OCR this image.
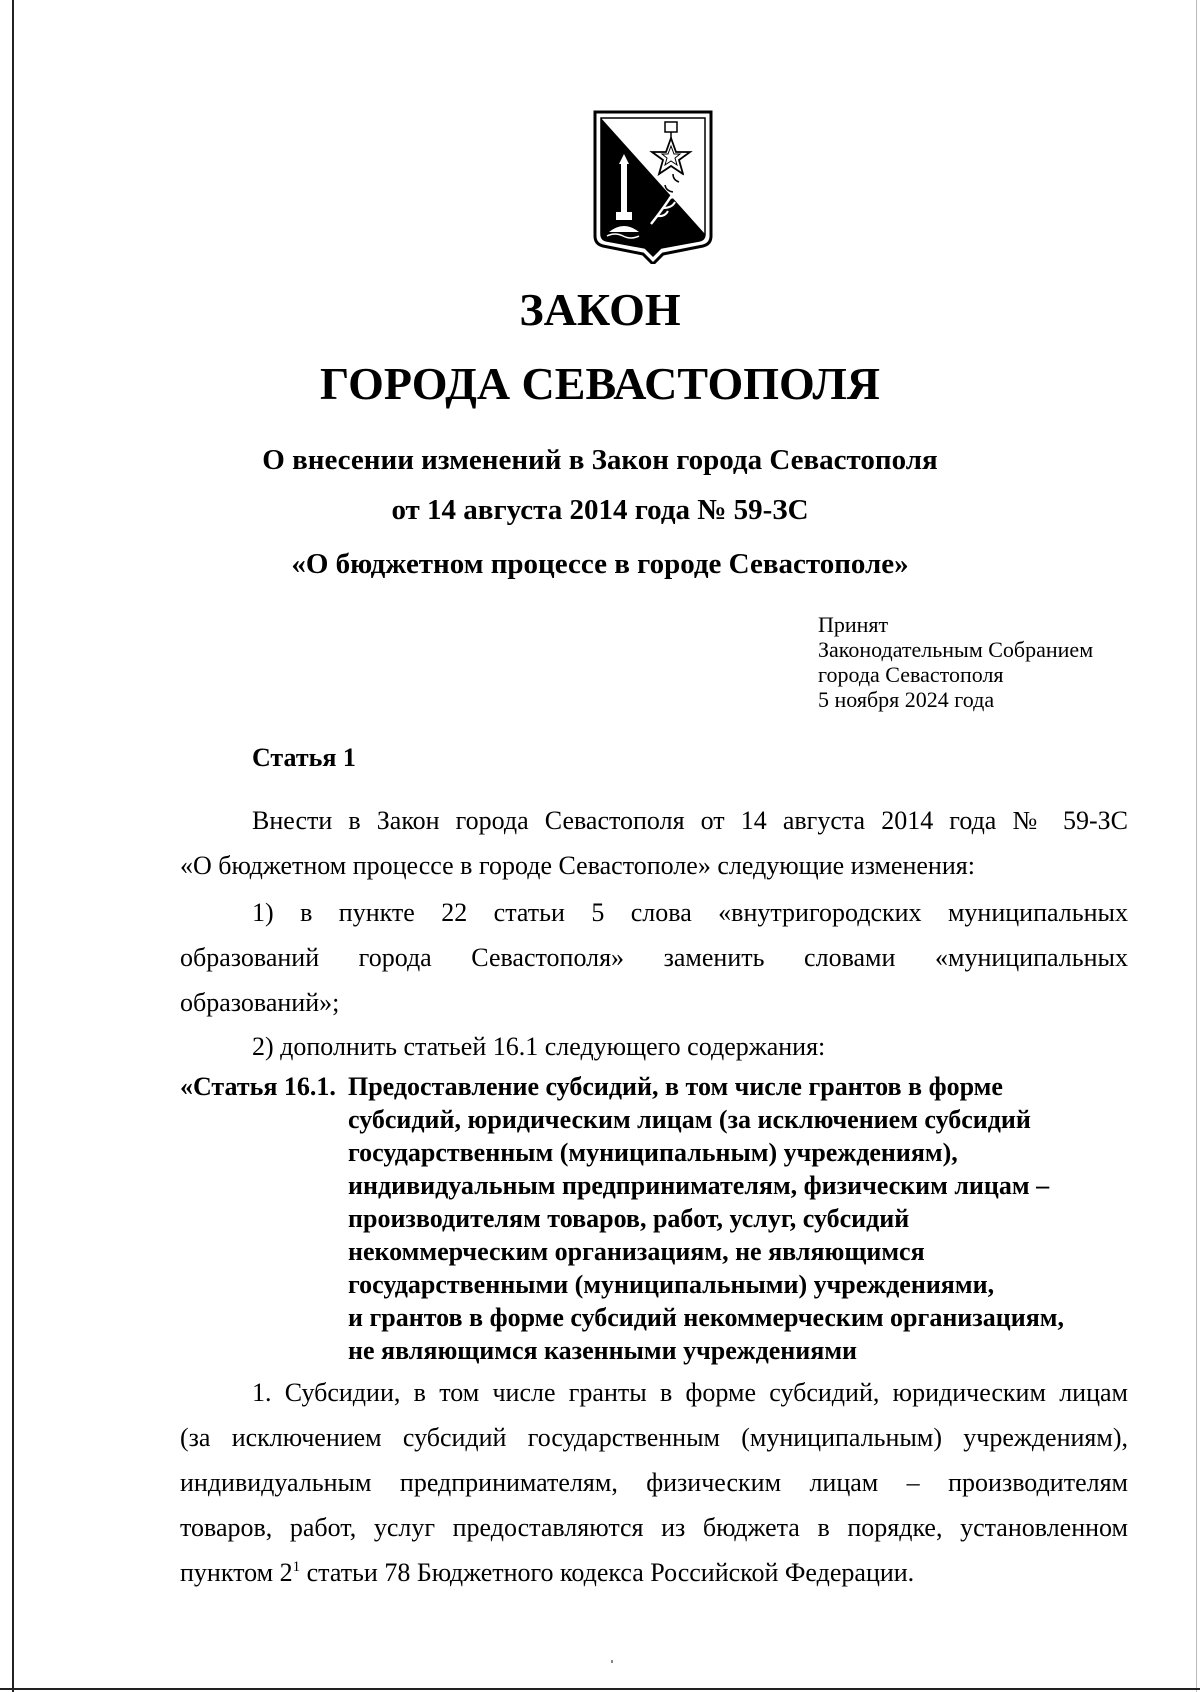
ЗАКОН
ГОРОДА СЕВАСТОПОЛЯ
О внесении изменений в Закон города Севастополя
от 14 августа 2014 года № 59-ЗС
«О бюджетном процессе в городе Севастополе»
Принят
Законодательным Собранием
города Севастополя
5 ноября 2024 года
Статья 1
Внести в Закон города Севастополя от 14 августа 2014 года № 59-ЗС
«О бюджетном процессе в городе Севастополе» следующие изменения:
1) в пункте 22 статьи 5 слова «внутригородских муниципальных
образований города Севастополя» заменить словами «муниципальных
образований»;
2) дополнить статьей 16.1 следующего содержания:
«Статья 16.1. Предоставление субсидий, в том числе грантов в форме
субсидий, юридическим лицам (за исключением субсидий
государственным (муниципальным) учреждениям),
индивидуальным предпринимателям, физическим лицам –
производителям товаров, работ, услуг, субсидий
некоммерческим организациям, не являющимся
государственными (муниципальными) учреждениями,
и грантов в форме субсидий некоммерческим организациям,
не являющимся казенными учреждениями
1. Субсидии, в том числе гранты в форме субсидий, юридическим лицам
(за исключением субсидий государственным (муниципальным) учреждениям),
индивидуальным предпринимателям, физическим лицам – производителям
товаров, работ, услуг предоставляются из бюджета в порядке, установленном
пунктом $2^1$ статьи 78 Бюджетного кодекса Российской Федерации.
